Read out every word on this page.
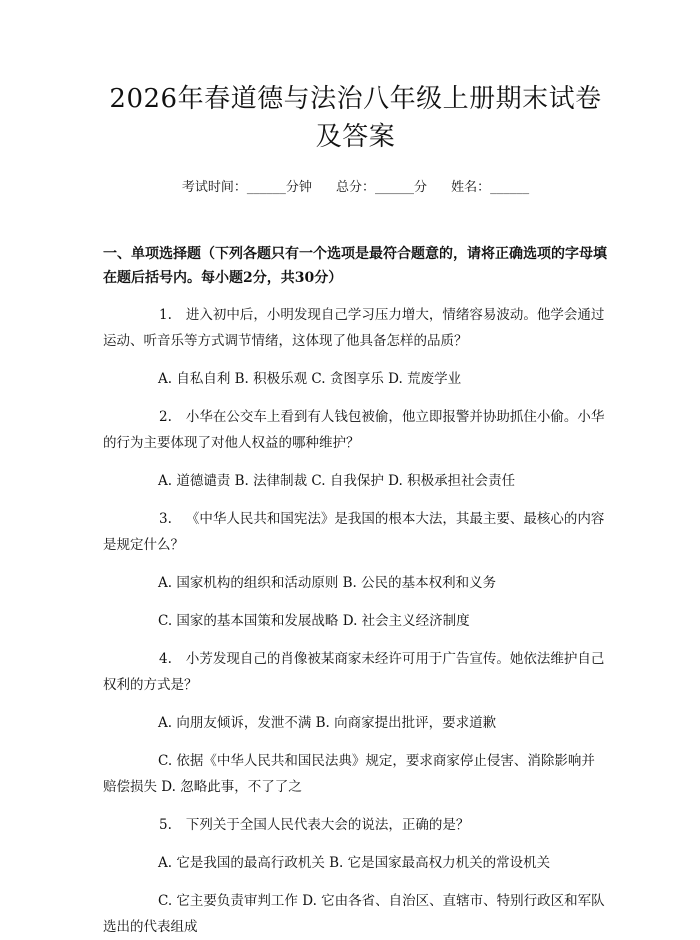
2026年春道德与法治八年级上册期末试卷及答案
考试时间：______分钟 总分：______分 姓名：______
一、单项选择题（下列各题只有一个选项是最符合题意的，请将正确选项的字母填在题后括号内。每小题2分，共30分）
1. 进入初中后，小明发现自己学习压力增大，情绪容易波动。他学会通过运动、听音乐等方式调节情绪，这体现了他具备怎样的品质？
A. 自私自利 B. 积极乐观 C. 贪图享乐 D. 荒废学业
2. 小华在公交车上看到有人钱包被偷，他立即报警并协助抓住小偷。小华的行为主要体现了对他人权益的哪种维护？
A. 道德谴责 B. 法律制裁 C. 自我保护 D. 积极承担社会责任
3. 《中华人民共和国宪法》是我国的根本大法，其最主要、最核心的内容是规定什么？
A. 国家机构的组织和活动原则 B. 公民的基本权利和义务
C. 国家的基本国策和发展战略 D. 社会主义经济制度
4. 小芳发现自己的肖像被某商家未经许可用于广告宣传。她依法维护自己权利的方式是？
A. 向朋友倾诉，发泄不满 B. 向商家提出批评，要求道歉
C. 依据《中华人民共和国民法典》规定，要求商家停止侵害、消除影响并赔偿损失 D. 忽略此事，不了了之
5. 下列关于全国人民代表大会的说法，正确的是？
A. 它是我国的最高行政机关 B. 它是国家最高权力机关的常设机关
C. 它主要负责审判工作 D. 它由各省、自治区、直辖市、特别行政区和军队选出的代表组成
